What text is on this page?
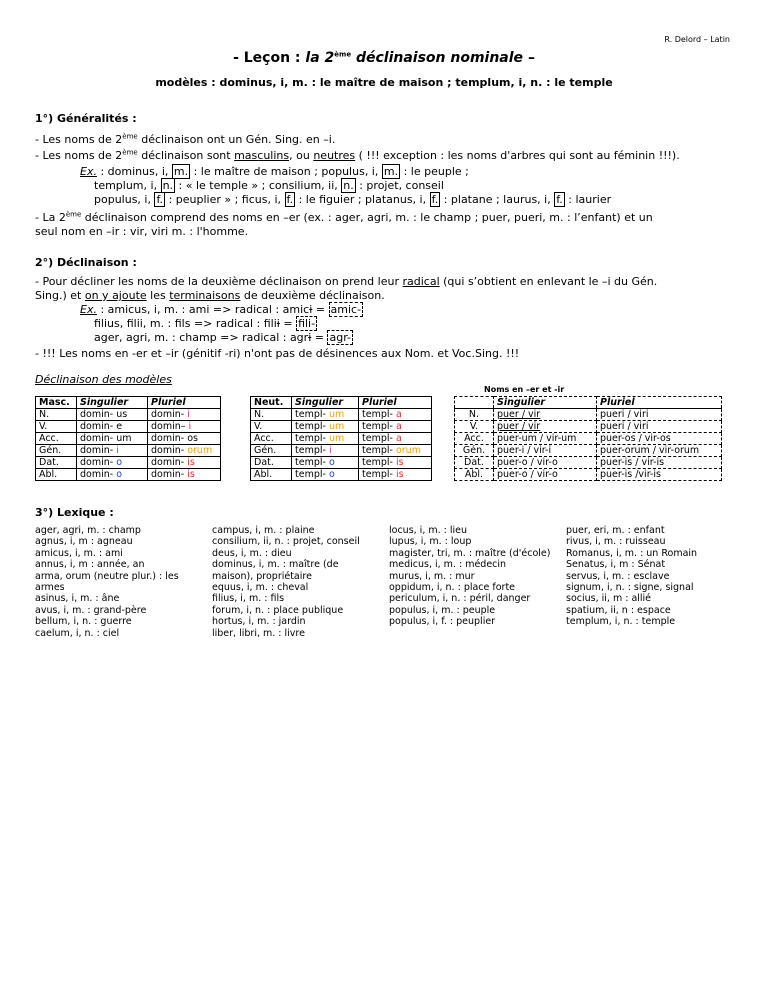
R. Delord – Latin
- Leçon : la 2ème déclinaison nominale –
modèles : dominus, i, m. : le maître de maison ; templum, i, n. : le temple
1°) Généralités :
- Les noms de 2ème déclinaison ont un Gén. Sing. en –i.
- Les noms de 2ème déclinaison sont masculins, ou neutres ( !!! exception : les noms d'arbres qui sont au féminin !!!).
Ex. : dominus, i, m. : le maître de maison ; populus, i, m. : le peuple ;
templum, i, n. : « le temple » ; consilium, ii, n. : projet, conseil
populus, i, f. : peuplier » ; ficus, i, f. : le figuier ; platanus, i, f. : platane ; laurus, i, f. : laurier
- La 2ème déclinaison comprend des noms en –er (ex. : ager, agri, m. : le champ ; puer, pueri, m. : l’enfant) et un
seul nom en –ir : vir, viri m. : l'homme.
2°) Déclinaison :
- Pour décliner les noms de la deuxième déclinaison on prend leur radical (qui s’obtient en enlevant le –i du Gén.
Sing.) et on y ajoute les terminaisons de deuxième déclinaison.
Ex. : amicus, i, m. : ami => radical : amici = amic-
filius, filii, m. : fils => radical : filii = fili-
ager, agri, m. : champ => radical : agri = agr-
- !!! Les noms en -er et –ir (génitif -ri) n'ont pas de désinences aux Nom. et Voc.Sing. !!!
Déclinaison des modèles
Noms en –er et -ir
Masc.	Singulier	Pluriel
N.	domin- us	domin- i
V.	domin- e	domin– i
Acc.	domin- um	domin- os
Gén.	domin- i	domin- orum
Dat.	domin- o	domin- is
Abl.	domin- o	domin- is
Neut.	Singulier	Pluriel
N.	templ- um	templ- a
V.	templ- um	templ- a
Acc.	templ- um	templ- a
Gén.	templ- i	templ- orum
Dat.	templ- o	templ- is
Abl.	templ- o	templ- is
	Singulier	Pluriel
N.	puer / vir	pueri / viri
V.	puer / vir	pueri / viri
Acc.	puer-um / vir-um	puer-os / vir-os
Gén.	puer-i / vir-i	puer-orum / vir-orum
Dat.	puer-o / vir-o	puer-is / vir-is
Abl.	puer-o / vir-o	puer-is /vir-is
3°) Lexique :
ager, agri, m. : champ
agnus, i, m : agneau
amicus, i, m. : ami
annus, i, m : année, an
arma, orum (neutre plur.) : les armes
asinus, i, m. : âne
avus, i, m. : grand-père
bellum, i, n. : guerre
caelum, i, n. : ciel
campus, i, m. : plaine
consilium, ii, n. : projet, conseil
deus, i, m. : dieu
dominus, i, m. : maître (de maison), propriétaire
equus, i, m. : cheval
filius, i, m. : fils
forum, i, n. : place publique
hortus, i, m. : jardin
liber, libri, m. : livre
locus, i, m. : lieu
lupus, i, m. : loup
magister, tri, m. : maître (d'école)
medicus, i, m. : médecin
murus, i, m. : mur
oppidum, i, n. : place forte
periculum, i, n. : péril, danger
populus, i, m. : peuple
populus, i, f. : peuplier
puer, eri, m. : enfant
rivus, i, m. : ruisseau
Romanus, i, m. : un Romain
Senatus, i, m : Sénat
servus, i, m. : esclave
signum, i, n. : signe, signal
socius, ii, m : allié
spatium, ii, n : espace
templum, i, n. : temple
